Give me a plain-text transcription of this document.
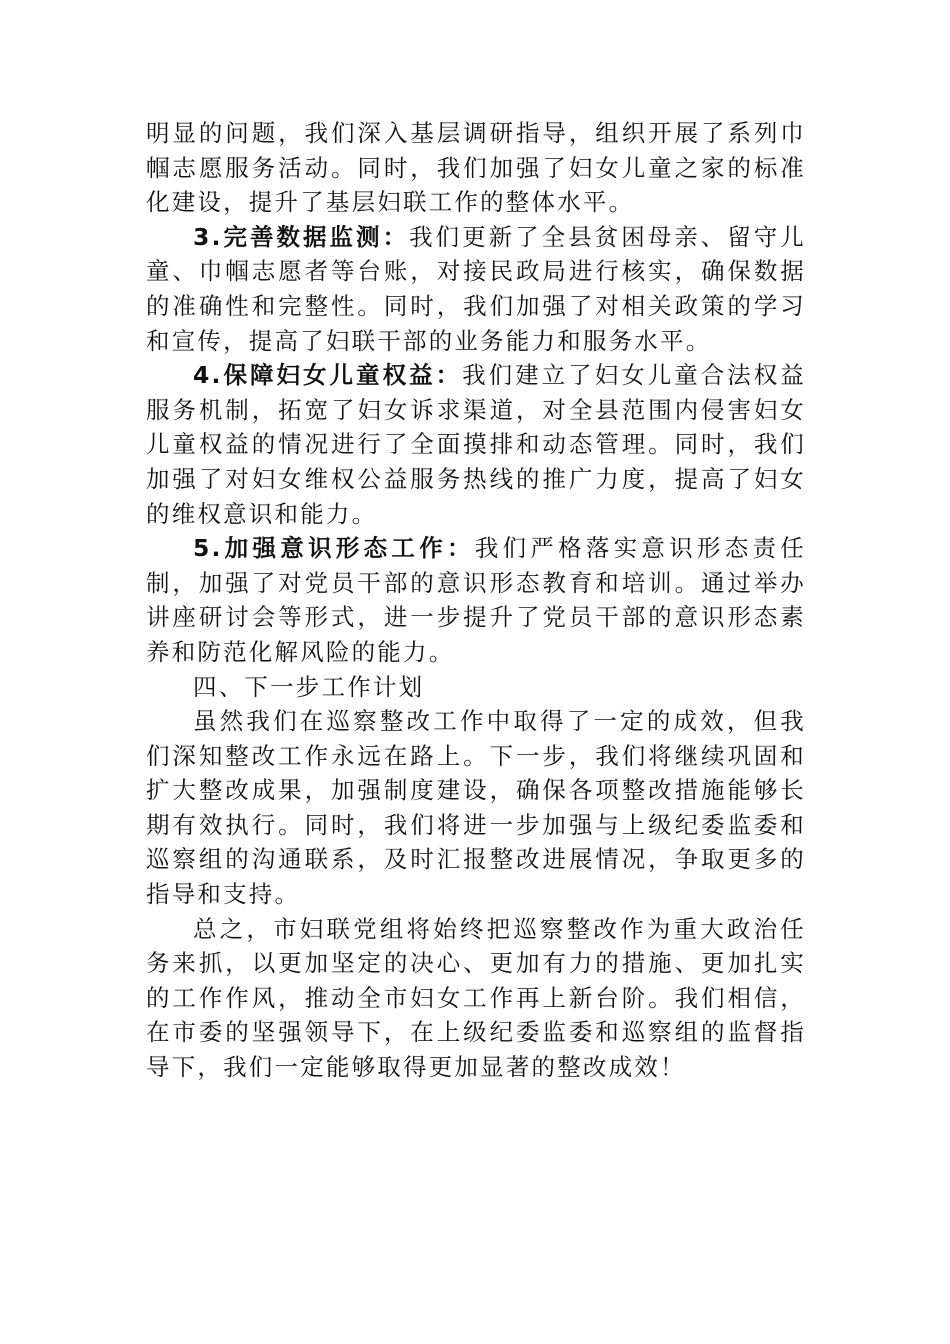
明显的问题，我们深入基层调研指导，组织开展了系列巾帼志愿服务活动。同时，我们加强了妇女儿童之家的标准化建设，提升了基层妇联工作的整体水平。

3.完善数据监测：我们更新了全县贫困母亲、留守儿童、巾帼志愿者等台账，对接民政局进行核实，确保数据的准确性和完整性。同时，我们加强了对相关政策的学习和宣传，提高了妇联干部的业务能力和服务水平。

4.保障妇女儿童权益：我们建立了妇女儿童合法权益服务机制，拓宽了妇女诉求渠道，对全县范围内侵害妇女儿童权益的情况进行了全面摸排和动态管理。同时，我们加强了对妇女维权公益服务热线的推广力度，提高了妇女的维权意识和能力。

5.加强意识形态工作：我们严格落实意识形态责任制，加强了对党员干部的意识形态教育和培训。通过举办讲座研讨会等形式，进一步提升了党员干部的意识形态素养和防范化解风险的能力。

四、下一步工作计划

虽然我们在巡察整改工作中取得了一定的成效，但我们深知整改工作永远在路上。下一步，我们将继续巩固和扩大整改成果，加强制度建设，确保各项整改措施能够长期有效执行。同时，我们将进一步加强与上级纪委监委和巡察组的沟通联系，及时汇报整改进展情况，争取更多的指导和支持。

总之，市妇联党组将始终把巡察整改作为重大政治任务来抓，以更加坚定的决心、更加有力的措施、更加扎实的工作作风，推动全市妇女工作再上新台阶。我们相信，在市委的坚强领导下，在上级纪委监委和巡察组的监督指导下，我们一定能够取得更加显著的整改成效！
